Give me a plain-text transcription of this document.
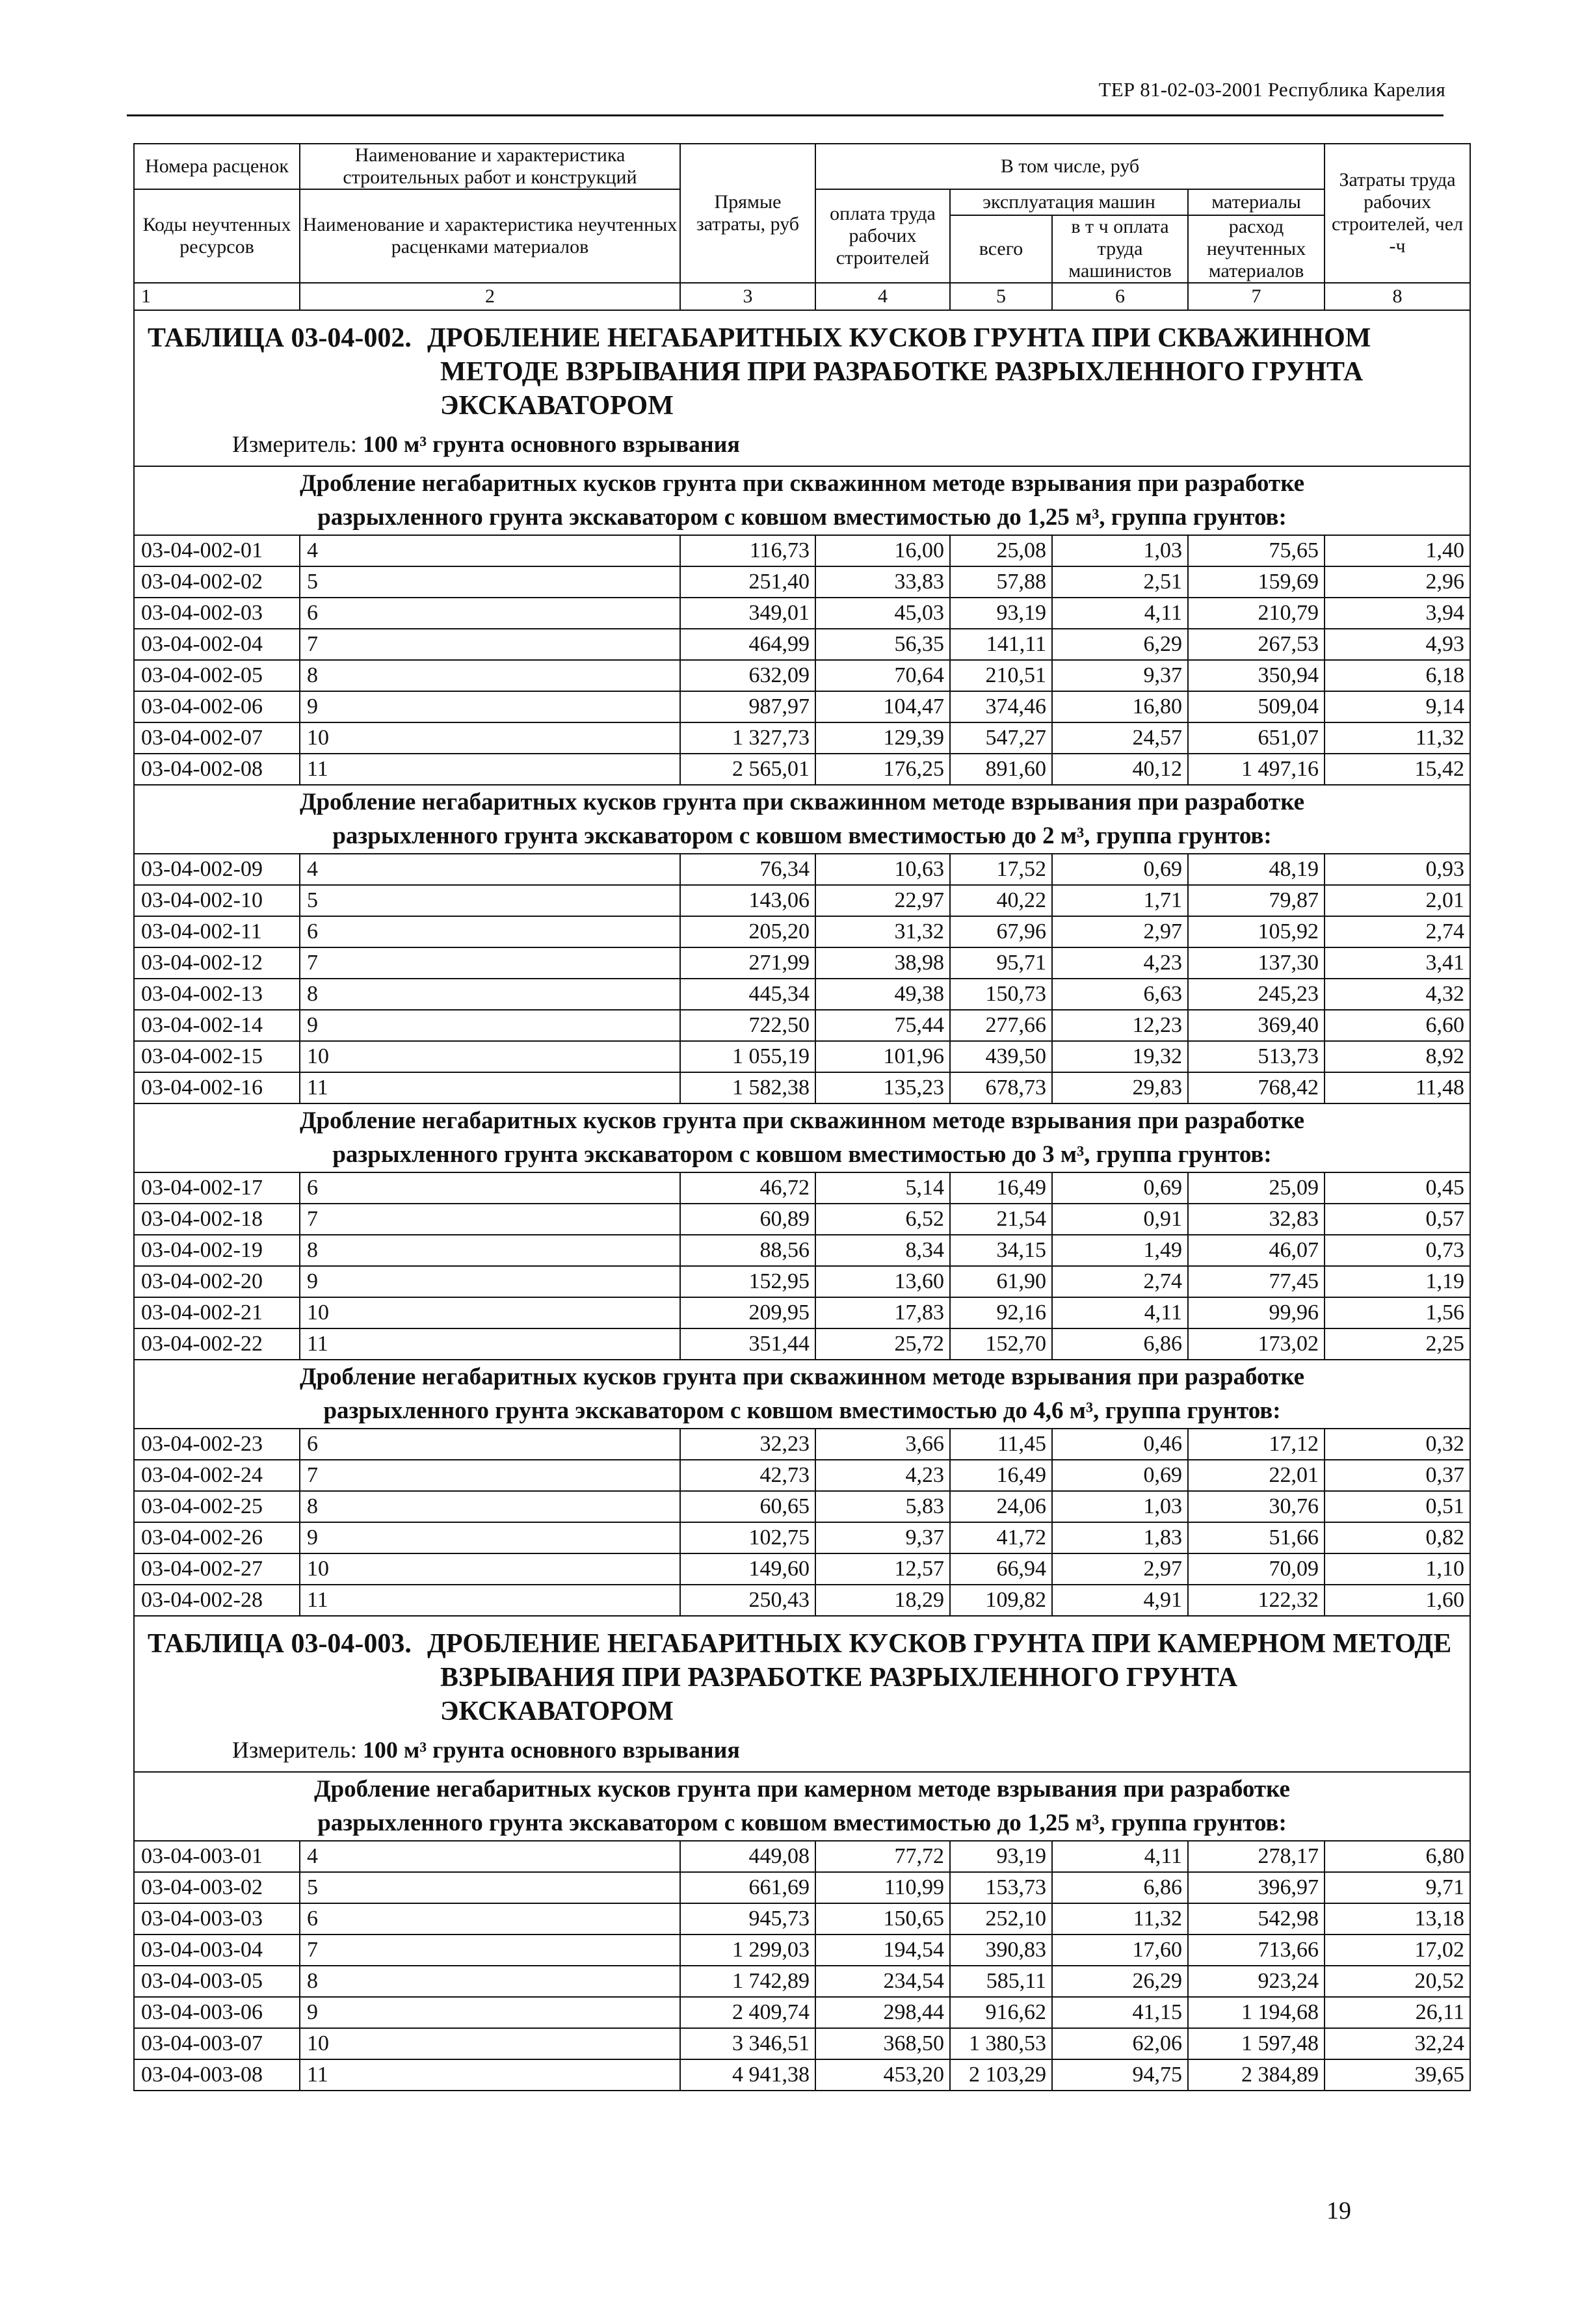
ТЕР 81-02-03-2001 Республика Карелия
Номера расценок	Наименование и характеристика строительных работ и конструкций	Прямые затраты, руб	В том числе, руб				Затраты труда рабочих строителей, чел -ч
Коды неучтенных ресурсов	Наименование и характеристика неучтенных расценками материалов		оплата труда рабочих строителей	эксплуатация машин		материалы	
				всего	в т ч оплата труда машинистов	расход неучтенных материалов	
1	2	3	4	5	6	7	8

ТАБЛИЦА 03-04-002. ДРОБЛЕНИЕ НЕГАБАРИТНЫХ КУСКОВ ГРУНТА ПРИ СКВАЖИННОМ
МЕТОДЕ ВЗРЫВАНИЯ ПРИ РАЗРАБОТКЕ РАЗРЫХЛЕННОГО ГРУНТА
ЭКСКАВАТОРОМ
Измеритель: 100 м³ грунта основного взрывания							

Дробление негабаритных кусков грунта при скважинном методе взрывания при разработке
разрыхленного грунта экскаватором с ковшом вместимостью до 1,25 м³, группа грунтов:							

03-04-002-01	4	116,73	16,00	25,08	1,03	75,65	1,40
03-04-002-02	5	251,40	33,83	57,88	2,51	159,69	2,96
03-04-002-03	6	349,01	45,03	93,19	4,11	210,79	3,94
03-04-002-04	7	464,99	56,35	141,11	6,29	267,53	4,93
03-04-002-05	8	632,09	70,64	210,51	9,37	350,94	6,18
03-04-002-06	9	987,97	104,47	374,46	16,80	509,04	9,14
03-04-002-07	10	1 327,73	129,39	547,27	24,57	651,07	11,32
03-04-002-08	11	2 565,01	176,25	891,60	40,12	1 497,16	15,42

Дробление негабаритных кусков грунта при скважинном методе взрывания при разработке
разрыхленного грунта экскаватором с ковшом вместимостью до 2 м³, группа грунтов:							

03-04-002-09	4	76,34	10,63	17,52	0,69	48,19	0,93
03-04-002-10	5	143,06	22,97	40,22	1,71	79,87	2,01
03-04-002-11	6	205,20	31,32	67,96	2,97	105,92	2,74
03-04-002-12	7	271,99	38,98	95,71	4,23	137,30	3,41
03-04-002-13	8	445,34	49,38	150,73	6,63	245,23	4,32
03-04-002-14	9	722,50	75,44	277,66	12,23	369,40	6,60
03-04-002-15	10	1 055,19	101,96	439,50	19,32	513,73	8,92
03-04-002-16	11	1 582,38	135,23	678,73	29,83	768,42	11,48

Дробление негабаритных кусков грунта при скважинном методе взрывания при разработке
разрыхленного грунта экскаватором с ковшом вместимостью до 3 м³, группа грунтов:							

03-04-002-17	6	46,72	5,14	16,49	0,69	25,09	0,45
03-04-002-18	7	60,89	6,52	21,54	0,91	32,83	0,57
03-04-002-19	8	88,56	8,34	34,15	1,49	46,07	0,73
03-04-002-20	9	152,95	13,60	61,90	2,74	77,45	1,19
03-04-002-21	10	209,95	17,83	92,16	4,11	99,96	1,56
03-04-002-22	11	351,44	25,72	152,70	6,86	173,02	2,25

Дробление негабаритных кусков грунта при скважинном методе взрывания при разработке
разрыхленного грунта экскаватором с ковшом вместимостью до 4,6 м³, группа грунтов:							

03-04-002-23	6	32,23	3,66	11,45	0,46	17,12	0,32
03-04-002-24	7	42,73	4,23	16,49	0,69	22,01	0,37
03-04-002-25	8	60,65	5,83	24,06	1,03	30,76	0,51
03-04-002-26	9	102,75	9,37	41,72	1,83	51,66	0,82
03-04-002-27	10	149,60	12,57	66,94	2,97	70,09	1,10
03-04-002-28	11	250,43	18,29	109,82	4,91	122,32	1,60

ТАБЛИЦА 03-04-003. ДРОБЛЕНИЕ НЕГАБАРИТНЫХ КУСКОВ ГРУНТА ПРИ КАМЕРНОМ МЕТОДЕ
ВЗРЫВАНИЯ ПРИ РАЗРАБОТКЕ РАЗРЫХЛЕННОГО ГРУНТА
ЭКСКАВАТОРОМ
Измеритель: 100 м³ грунта основного взрывания							

Дробление негабаритных кусков грунта при камерном методе взрывания при разработке
разрыхленного грунта экскаватором с ковшом вместимостью до 1,25 м³, группа грунтов:							

03-04-003-01	4	449,08	77,72	93,19	4,11	278,17	6,80
03-04-003-02	5	661,69	110,99	153,73	6,86	396,97	9,71
03-04-003-03	6	945,73	150,65	252,10	11,32	542,98	13,18
03-04-003-04	7	1 299,03	194,54	390,83	17,60	713,66	17,02
03-04-003-05	8	1 742,89	234,54	585,11	26,29	923,24	20,52
03-04-003-06	9	2 409,74	298,44	916,62	41,15	1 194,68	26,11
03-04-003-07	10	3 346,51	368,50	1 380,53	62,06	1 597,48	32,24
03-04-003-08	11	4 941,38	453,20	2 103,29	94,75	2 384,89	39,65
19
